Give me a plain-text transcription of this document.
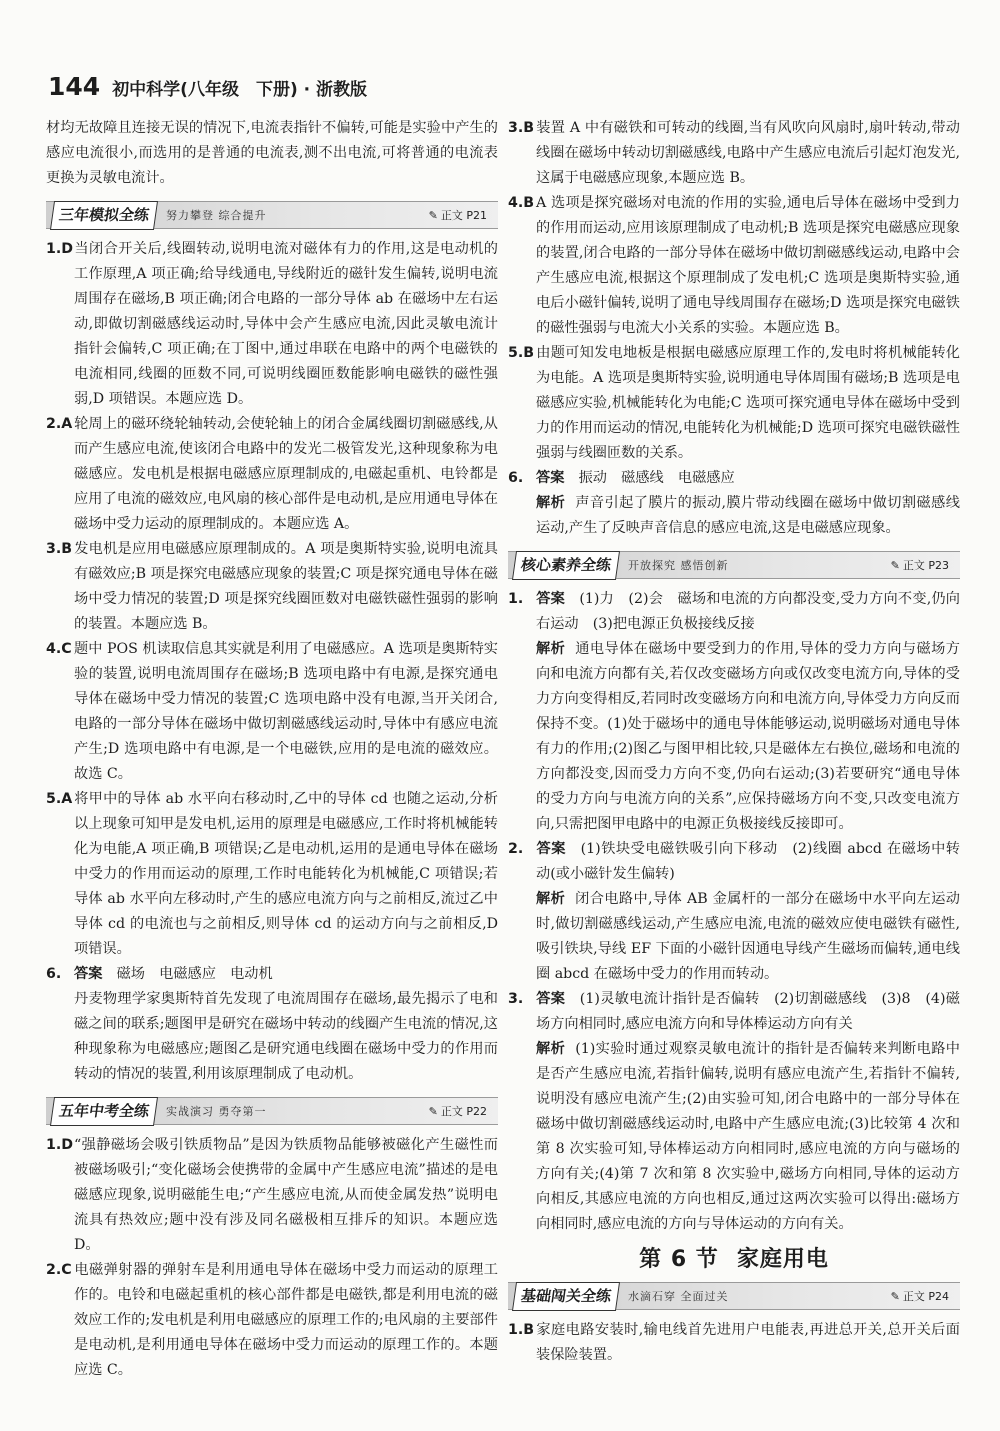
144 初中科学(八年级　下册) · 浙教版

材均无故障且连接无误的情况下,电流表指针不偏转,可能是实验中产生的感应电流很小,而选用的是普通的电流表,测不出电流,可将普通的电流表更换为灵敏电流计。

三年模拟全练	努力攀登 综合提升	✎ 正文 P21

1.D当闭合开关后,线圈转动,说明电流对磁体有力的作用,这是电动机的工作原理,A 项正确;给导线通电,导线附近的磁针发生偏转,说明电流周围存在磁场,B 项正确;闭合电路的一部分导体 ab 在磁场中左右运动,即做切割磁感线运动时,导体中会产生感应电流,因此灵敏电流计指针会偏转,C 项正确;在丁图中,通过串联在电路中的两个电磁铁的电流相同,线圈的匝数不同,可说明线圈匝数能影响电磁铁的磁性强弱,D 项错误。本题应选 D。

2.A 轮周上的磁环绕轮轴转动,会使轮轴上的闭合金属线圈切割磁感线,从而产生感应电流,使该闭合电路中的发光二极管发光,这种现象称为电磁感应。发电机是根据电磁感应原理制成的,电磁起重机、电铃都是应用了电流的磁效应,电风扇的核心部件是电动机,是应用通电导体在磁场中受力运动的原理制成的。本题应选 A。

3.B 发电机是应用电磁感应原理制成的。A 项是奥斯特实验,说明电流具有磁效应;B 项是探究电磁感应现象的装置;C 项是探究通电导体在磁场中受力情况的装置;D 项是探究线圈匝数对电磁铁磁性强弱的影响的装置。本题应选 B。

4.C 题中 POS 机读取信息其实就是利用了电磁感应。A 选项是奥斯特实验的装置,说明电流周围存在磁场;B 选项电路中有电源,是探究通电导体在磁场中受力情况的装置;C 选项电路中没有电源,当开关闭合,电路的一部分导体在磁场中做切割磁感线运动时,导体中有感应电流产生;D 选项电路中有电源,是一个电磁铁,应用的是电流的磁效应。故选 C。

5.A 将甲中的导体 ab 水平向右移动时,乙中的导体 cd 也随之运动,分析以上现象可知甲是发电机,运用的原理是电磁感应,工作时将机械能转化为电能,A 项正确,B 项错误;乙是电动机,运用的是通电导体在磁场中受力的作用而运动的原理,工作时电能转化为机械能,C 项错误;若导体 ab 水平向左移动时,产生的感应电流方向与之前相反,流过乙中导体 cd 的电流也与之前相反,则导体 cd 的运动方向与之前相反,D 项错误。

6. 答案　 磁场　电磁感应　电动机

丹麦物理学家奥斯特首先发现了电流周围存在磁场,最先揭示了电和磁之间的联系;题图甲是研究在磁场中转动的线圈产生电流的情况,这种现象称为电磁感应;题图乙是研究通电线圈在磁场中受力的作用而转动的情况的装置,利用该原理制成了电动机。

五年中考全练	实战演习 勇夺第一	✎ 正文 P22

1.D“强静磁场会吸引铁质物品”是因为铁质物品能够被磁化产生磁性而被磁场吸引;“变化磁场会使携带的金属中产生感应电流”描述的是电磁感应现象,说明磁能生电;“产生感应电流,从而使金属发热”说明电流具有热效应;题中没有涉及同名磁极相互排斥的知识。本题应选 D。

2.C 电磁弹射器的弹射车是利用通电导体在磁场中受力而运动的原理工作的。电铃和电磁起重机的核心部件都是电磁铁,都是利用电流的磁效应工作的;发电机是利用电磁感应的原理工作的;电风扇的主要部件是电动机,是利用通电导体在磁场中受力而运动的原理工作的。本题应选 C。

3.B 装置 A 中有磁铁和可转动的线圈,当有风吹向风扇时,扇叶转动,带动线圈在磁场中转动切割磁感线,电路中产生感应电流后引起灯泡发光,这属于电磁感应现象,本题应选 B。

4.B A 选项是探究磁场对电流的作用的实验,通电后导体在磁场中受到力的作用而运动,应用该原理制成了电动机;B 选项是探究电磁感应现象的装置,闭合电路的一部分导体在磁场中做切割磁感线运动,电路中会产生感应电流,根据这个原理制成了发电机;C 选项是奥斯特实验,通电后小磁针偏转,说明了通电导线周围存在磁场;D 选项是探究电磁铁的磁性强弱与电流大小关系的实验。本题应选 B。

5.B 由题可知发电地板是根据电磁感应原理工作的,发电时将机械能转化为电能。A 选项是奥斯特实验,说明通电导体周围有磁场;B 选项是电磁感应实验,机械能转化为电能;C 选项可探究通电导体在磁场中受到力的作用而运动的情况,电能转化为机械能;D 选项可探究电磁铁磁性强弱与线圈匝数的关系。

6. 答案　 振动　磁感线　电磁感应

解析 声音引起了膜片的振动,膜片带动线圈在磁场中做切割磁感线运动,产生了反映声音信息的感应电流,这是电磁感应现象。

核心素养全练	开放探究 感悟创新	✎ 正文 P23

1. 答案　 (1)力　(2)会　磁场和电流的方向都没变,受力方向不变,仍向右运动　(3)把电源正负极接线反接

解析 通电导体在磁场中要受到力的作用,导体的受力方向与磁场方向和电流方向都有关,若仅改变磁场方向或仅改变电流方向,导体的受力方向变得相反,若同时改变磁场方向和电流方向,导体受力方向反而保持不变。(1)处于磁场中的通电导体能够运动,说明磁场对通电导体有力的作用;(2)图乙与图甲相比较,只是磁体左右换位,磁场和电流的方向都没变,因而受力方向不变,仍向右运动;(3)若要研究“通电导体的受力方向与电流方向的关系”,应保持磁场方向不变,只改变电流方向,只需把图甲电路中的电源正负极接线反接即可。

2. 答案　 (1)铁块受电磁铁吸引向下移动　(2)线圈 abcd 在磁场中转动(或小磁针发生偏转)

解析 闭合电路中,导体 AB 金属杆的一部分在磁场中水平向左运动时,做切割磁感线运动,产生感应电流,电流的磁效应使电磁铁有磁性,吸引铁块,导线 EF 下面的小磁针因通电导线产生磁场而偏转,通电线圈 abcd 在磁场中受力的作用而转动。

3. 答案　 (1)灵敏电流计指针是否偏转　(2)切割磁感线　(3)8　(4)磁场方向相同时,感应电流方向和导体棒运动方向有关

解析 (1)实验时通过观察灵敏电流计的指针是否偏转来判断电路中是否产生感应电流,若指针偏转,说明有感应电流产生,若指针不偏转,说明没有感应电流产生;(2)由实验可知,闭合电路中的一部分导体在磁场中做切割磁感线运动时,电路中产生感应电流;(3)比较第 4 次和第 8 次实验可知,导体棒运动方向相同时,感应电流的方向与磁场的方向有关;(4)第 7 次和第 8 次实验中,磁场方向相同,导体的运动方向相反,其感应电流的方向也相反,通过这两次实验可以得出:磁场方向相同时,感应电流的方向与导体运动的方向有关。

第 6 节 家庭用电
基础闯关全练	水滴石穿 全面过关	✎ 正文 P24

1.B 家庭电路安装时,输电线首先进用户电能表,再进总开关,总开关后面装保险装置。
